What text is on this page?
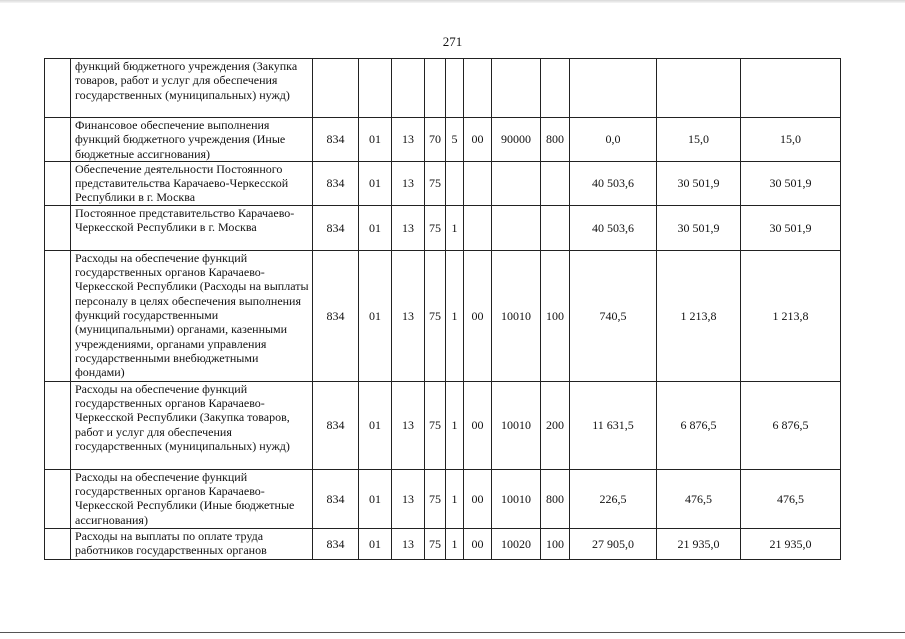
271
	функций бюджетного учреждения (Закупка товаров, работ и услуг для обеспечения государственных (муниципальных) нужд)											
	Финансовое обеспечение выполнения функций бюджетного учреждения (Иные бюджетные ассигнования)	834	01	13	70	5	00	90000	800	0,0	15,0	15,0
	Обеспечение деятельности Постоянного представительства Карачаево-Черкесской Республики в г. Москва	834	01	13	75					40 503,6	30 501,9	30 501,9
	Постоянное представительство Карачаево-Черкесской Республики в г. Москва	834	01	13	75	1				40 503,6	30 501,9	30 501,9
	Расходы на обеспечение функций государственных органов Карачаево-Черкесской Республики (Расходы на выплаты персоналу в целях обеспечения выполнения функций государственными (муниципальными) органами, казенными учреждениями, органами управления государственными внебюджетными фондами)	834	01	13	75	1	00	10010	100	740,5	1 213,8	1 213,8
	Расходы на обеспечение функций государственных органов Карачаево-Черкесской Республики (Закупка товаров, работ и услуг для обеспечения государственных (муниципальных) нужд)	834	01	13	75	1	00	10010	200	11 631,5	6 876,5	6 876,5
	Расходы на обеспечение функций государственных органов Карачаево-Черкесской Республики (Иные бюджетные ассигнования)	834	01	13	75	1	00	10010	800	226,5	476,5	476,5
	Расходы на выплаты по оплате труда работников государственных органов	834	01	13	75	1	00	10020	100	27 905,0	21 935,0	21 935,0
